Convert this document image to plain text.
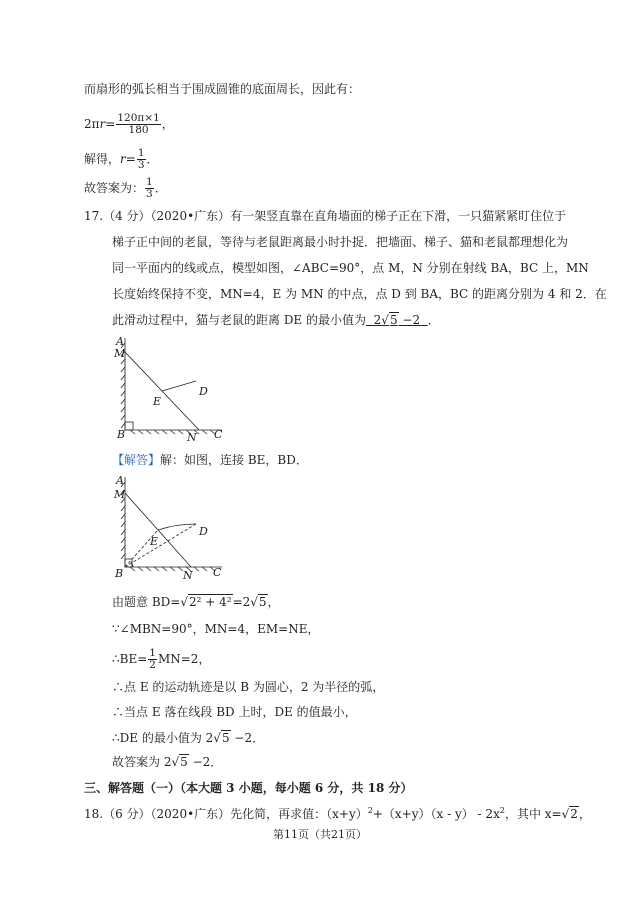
而扇形的弧长相当于围成圆锥的底面周长，因此有：
$2\pi r= \frac{120\pi\times 1}{180}$ ，
解得，$r= \frac{1}{3}$ ．
故答案为： $\frac{1}{3}$ ．
17.（4 分）（2020•广东）有一架竖直靠在直角墙面的梯子正在下滑，一只猫紧紧盯住位于
梯子正中间的老鼠，等待与老鼠距离最小时扑捉．把墙面、梯子、猫和老鼠都理想化为
同一平面内的线或点，模型如图，∠ABC=90°，点 M，N 分别在射线 BA，BC 上，MN
长度始终保持不变，MN=4，E 为 MN 的中点，点 D 到 BA，BC 的距离分别为 4 和 2．在
此滑动过程中，猫与老鼠的距离 DE 的最小值为 2√5 −2 ．
A
M
E
D
B	N C
【解答】解：如图，连接 BE，BD．
A
M
E
D
B	N C
由题意 BD=√2² + 4²=2√5，
∵∠MBN=90°，MN=4，EM=NE，
∴BE= $\frac{1}{2} MN=2$，
∴点 E 的运动轨迹是以 B 为圆心，2 为半径的弧，
∴当点 E 落在线段 BD 上时，DE 的值最小，
∴DE 的最小值为 2√5 −2．
故答案为 2√5 −2．
三、解答题（一）（本大题 3 小题，每小题 6 分，共 18 分）
18.（6 分）（2020•广东）先化简，再求值：$(x+y)^2+(x+y)(x - y) - 2x^2$，其中 x=√2，
第11页（共21页）
